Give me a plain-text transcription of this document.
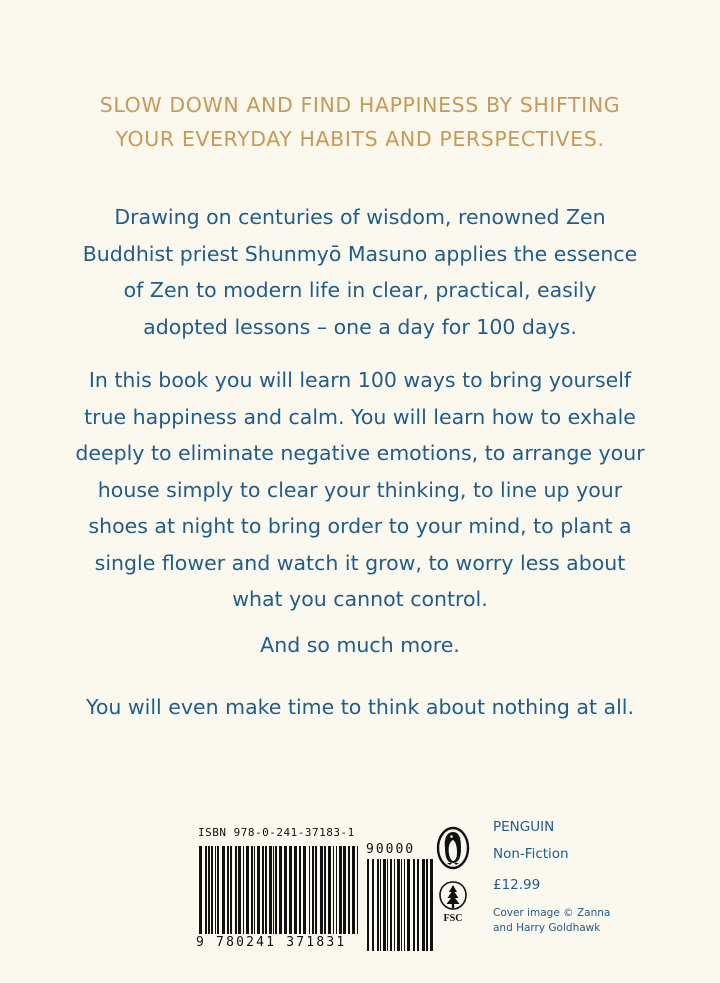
SLOW DOWN AND FIND HAPPINESS BY SHIFTING
YOUR EVERYDAY HABITS AND PERSPECTIVES.
Drawing on centuries of wisdom, renowned Zen
Buddhist priest Shunmyō Masuno applies the essence
of Zen to modern life in clear, practical, easily
adopted lessons – one a day for 100 days.
In this book you will learn 100 ways to bring yourself
true happiness and calm. You will learn how to exhale
deeply to eliminate negative emotions, to arrange your
house simply to clear your thinking, to line up your
shoes at night to bring order to your mind, to plant a
single flower and watch it grow, to worry less about
what you cannot control.
And so much more.
You will even make time to think about nothing at all.
ISBN 978-0-241-37183-1
9 780241 371831
90000
FSC
PENGUIN
Non-Fiction
£12.99
Cover image © Zanna
and Harry Goldhawk
